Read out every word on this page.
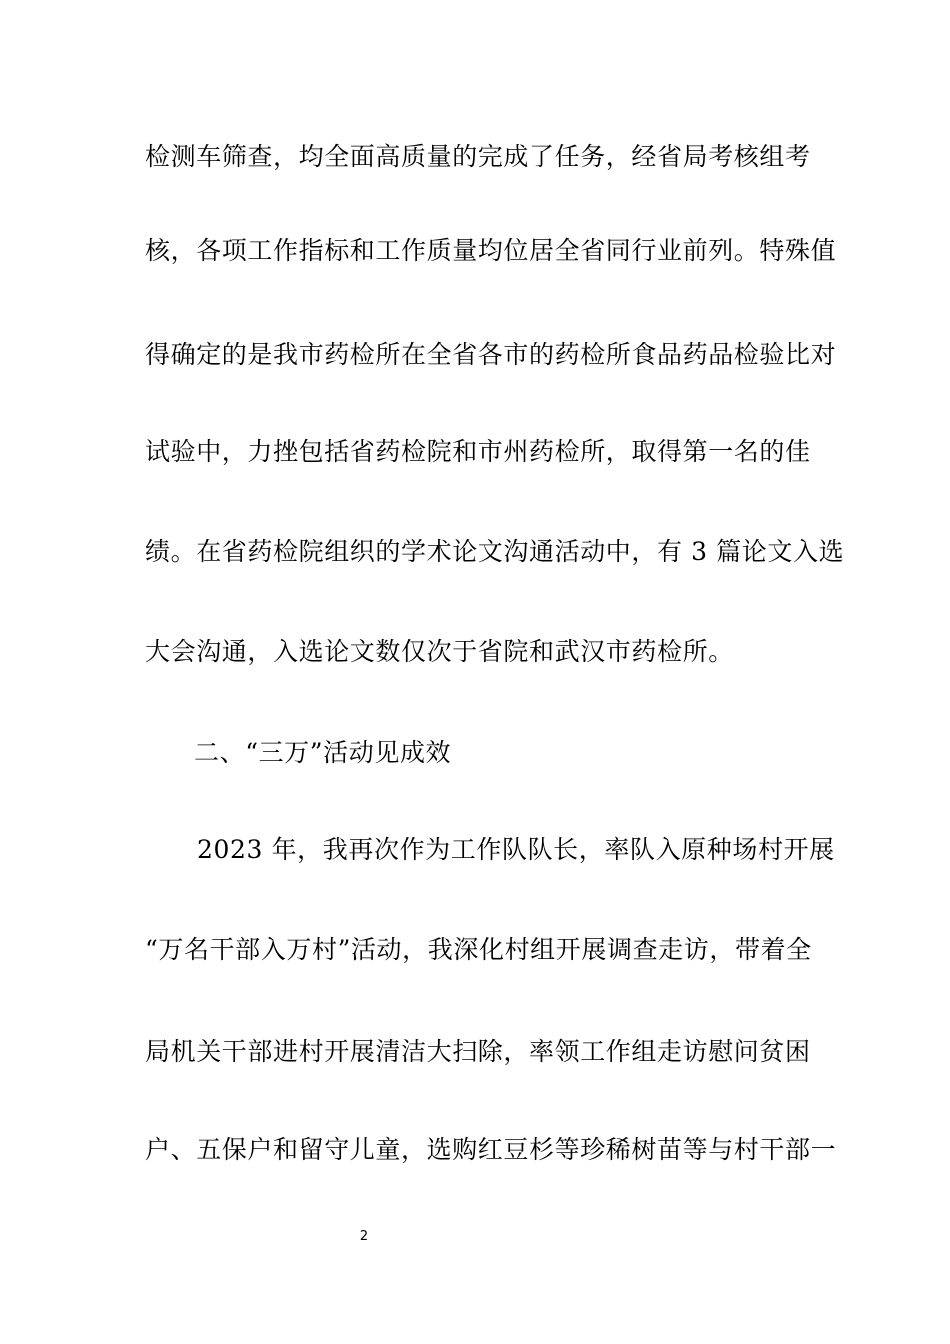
检测车筛查，均全面高质量的完成了任务，经省局考核组考
核，各项工作指标和工作质量均位居全省同行业前列。特殊值
得确定的是我市药检所在全省各市的药检所食品药品检验比对
试验中，力挫包括省药检院和市州药检所，取得第一名的佳
绩。在省药检院组织的学术论文沟通活动中，有 3 篇论文入选
大会沟通，入选论文数仅次于省院和武汉市药检所。
二、“三万”活动见成效
2023 年，我再次作为工作队队长，率队入原种场村开展
“万名干部入万村”活动，我深化村组开展调查走访，带着全
局机关干部进村开展清洁大扫除，率领工作组走访慰问贫困
户、五保户和留守儿童，选购红豆杉等珍稀树苗等与村干部一
2
